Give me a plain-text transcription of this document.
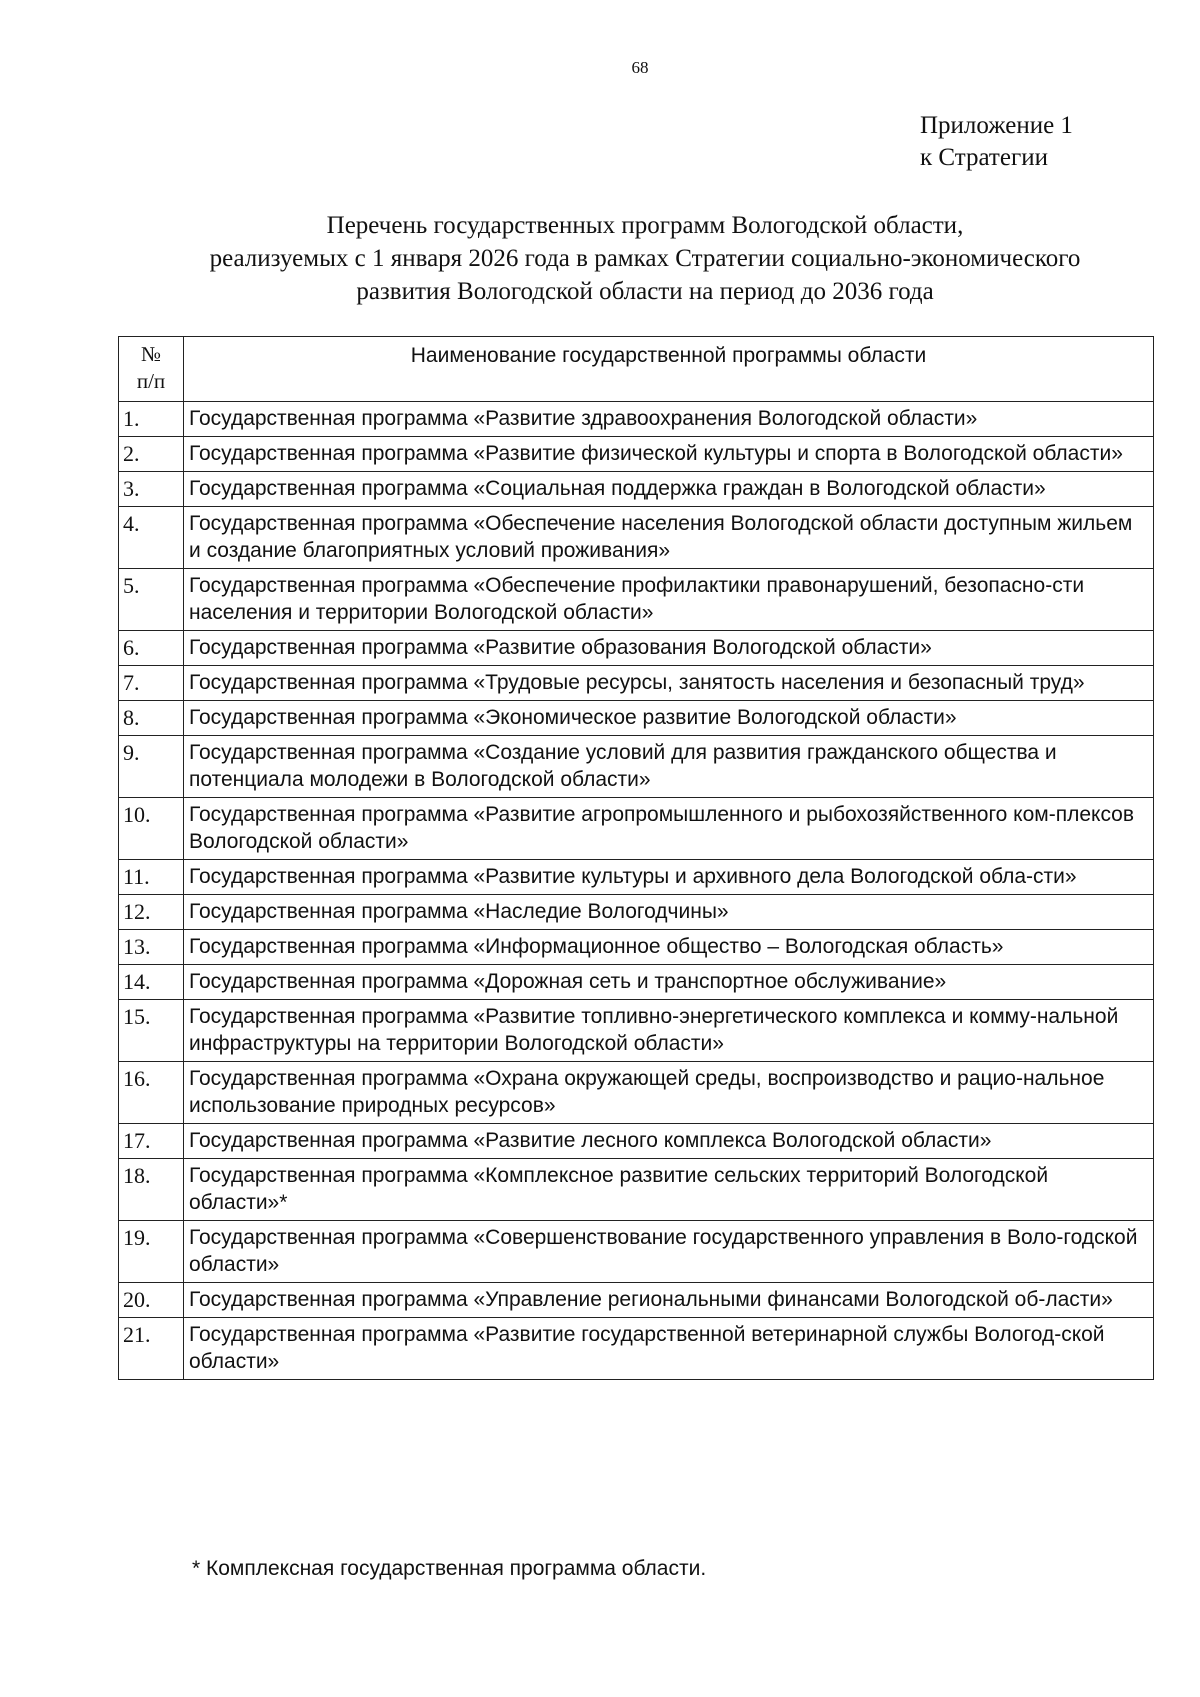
68
Приложение 1
к Стратегии
Перечень государственных программ Вологодской области,
реализуемых с 1 января 2026 года в рамках Стратегии социально-экономического
развития Вологодской области на период до 2036 года
№
п/п	Наименование государственной программы области
1.	Государственная программа «Развитие здравоохранения Вологодской области»
2.	Государственная программа «Развитие физической культуры и спорта в Вологодской области»
3.	Государственная программа «Социальная поддержка граждан в Вологодской области»
4.	Государственная программа «Обеспечение населения Вологодской области доступным жильем и создание благоприятных условий проживания»
5.	Государственная программа «Обеспечение профилактики правонарушений, безопасно-сти населения и территории Вологодской области»
6.	Государственная программа «Развитие образования Вологодской области»
7.	Государственная программа «Трудовые ресурсы, занятость населения и безопасный труд»
8.	Государственная программа «Экономическое развитие Вологодской области»
9.	Государственная программа «Создание условий для развития гражданского общества и потенциала молодежи в Вологодской области»
10.	Государственная программа «Развитие агропромышленного и рыбохозяйственного ком-плексов Вологодской области»
11.	Государственная программа «Развитие культуры и архивного дела Вологодской обла-сти»
12.	Государственная программа «Наследие Вологодчины»
13.	Государственная программа «Информационное общество – Вологодская область»
14.	Государственная программа «Дорожная сеть и транспортное обслуживание»
15.	Государственная программа «Развитие топливно-энергетического комплекса и комму-нальной инфраструктуры на территории Вологодской области»
16.	Государственная программа «Охрана окружающей среды, воспроизводство и рацио-нальное использование природных ресурсов»
17.	Государственная программа «Развитие лесного комплекса Вологодской области»
18.	Государственная программа «Комплексное развитие сельских территорий Вологодской области»*
19.	Государственная программа «Совершенствование государственного управления в Воло-годской области»
20.	Государственная программа «Управление региональными финансами Вологодской об-ласти»
21.	Государственная программа «Развитие государственной ветеринарной службы Вологод-ской области»
* Комплексная государственная программа области.
